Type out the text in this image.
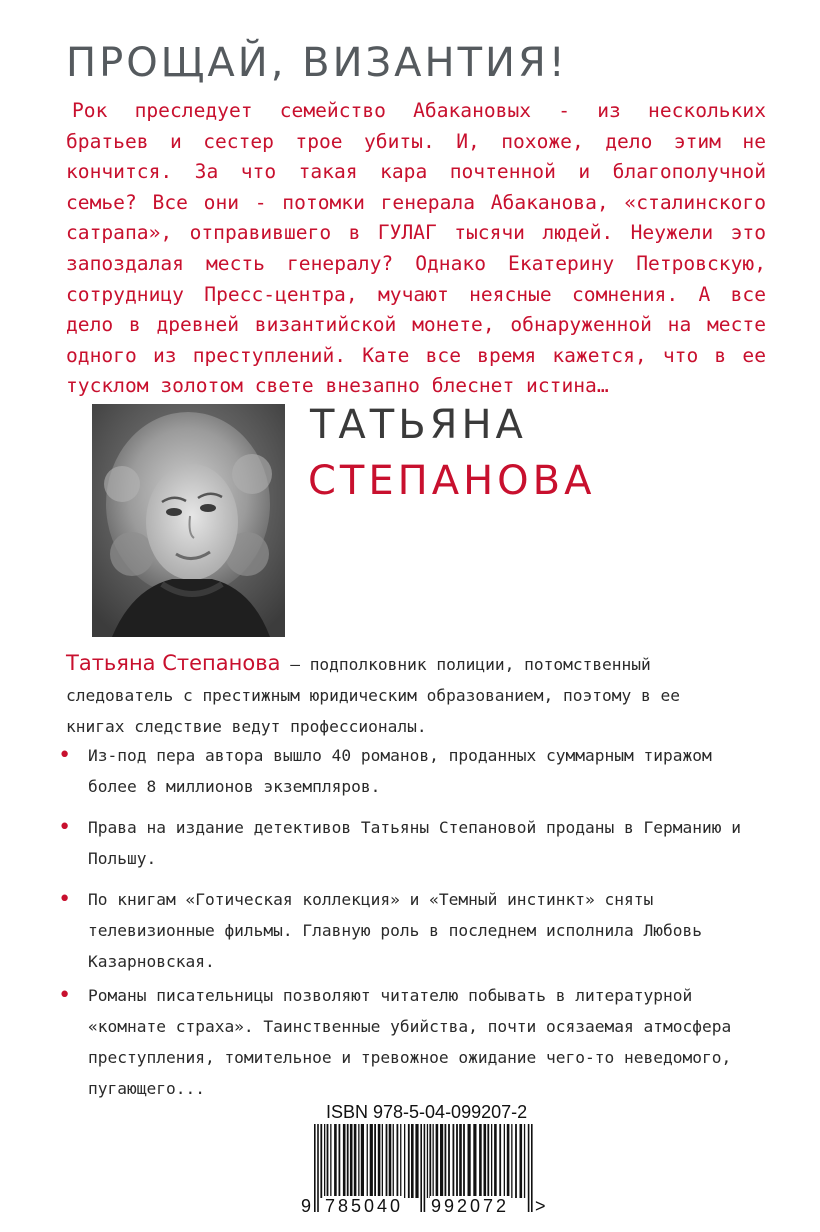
ПРОЩАЙ, ВИЗАНТИЯ!

Рок преследует семейство Абакановых - из нескольких братьев и сестер трое убиты. И, похоже, дело этим не кончится. За что такая кара почтенной и благополучной семье? Все они - потомки генерала Абаканова, «сталинского сатрапа», отправившего в ГУЛАГ тысячи людей. Неужели это запоздалая месть генералу? Однако Екатерину Петровскую, сотрудницу Пресс-центра, мучают неясные сомнения. А все дело в древней византийской монете, обнаруженной на месте одного из преступлений. Кате все время кажется, что в ее тусклом золотом свете внезапно блеснет истина…

ТАТЬЯНА
СТЕПАНОВА

Татьяна Степанова — подполковник полиции, потомственный следователь с престижным юридическим образованием, поэтому в ее книгах следствие ведут профессионалы.

•	Из-под пера автора вышло 40 романов, проданных суммарным тиражом более 8 миллионов экземпляров.
•	Права на издание детективов Татьяны Степановой проданы в Германию и Польшу.
•	По книгам «Готическая коллекция» и «Темный инстинкт» сняты телевизионные фильмы. Главную роль в последнем исполнила Любовь Казарновская.
•	Романы писательницы позволяют читателю побывать в литературной «комнате страха». Таинственные убийства, почти осязаемая атмосфера преступления, томительное и тревожное ожидание чего-то неведомого, пугающего...
ISBN 978-5-04-099207-2
9 785040 992072 >
